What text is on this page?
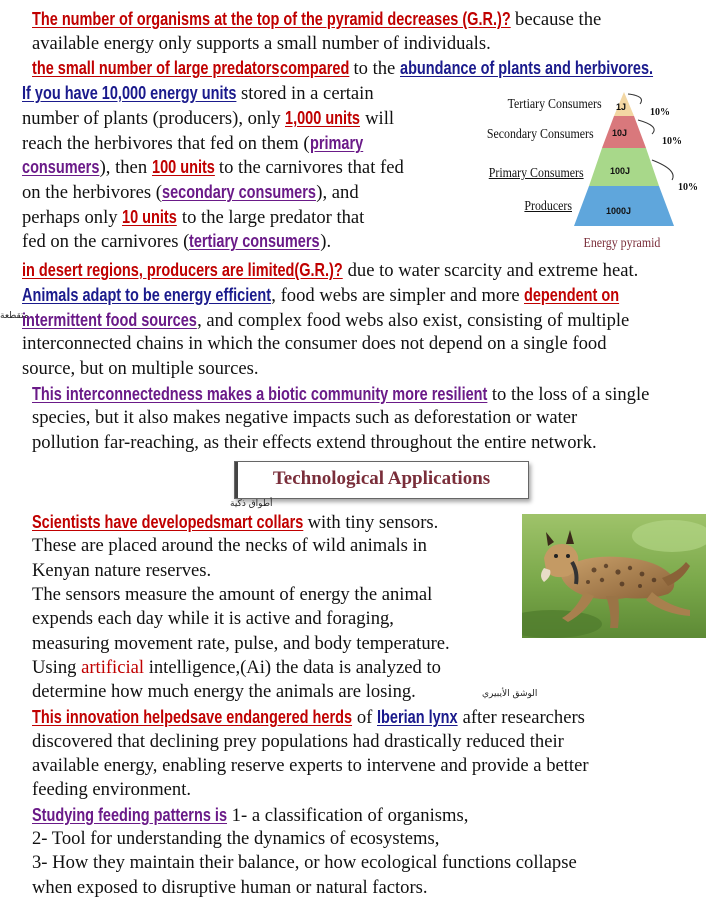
The number of organisms at the top of the pyramid decreases (G.R.)? because the
available energy only supports a small number of individuals.
the small number of large predatorscompared to the abundance of plants and herbivores.
If you have 10,000 energy units stored in a certain
number of plants (producers), only 1,000 units will
reach the herbivores that fed on them (primary
consumers), then 100 units to the carnivores that fed
on the herbivores (secondary consumers), and
perhaps only 10 units to the large predator that
fed on the carnivores (tertiary consumers).
Tertiary Consumers
Secondary Consumers
Primary Consumers
Producers
1J
10J
100J
1000J
10%
10%
10%
Energy pyramid
in desert regions, producers are limited(G.R.)? due to water scarcity and extreme heat.
Animals adapt to be energy efficient, food webs are simpler and more dependent on
متقطعة
intermittent food sources, and complex food webs also exist, consisting of multiple
interconnected chains in which the consumer does not depend on a single food
source, but on multiple sources.
This interconnectedness makes a biotic community more resilient to the loss of a single
species, but it also makes negative impacts such as deforestation or water
pollution far-reaching, as their effects extend throughout the entire network.
Technological Applications
أطواق ذكية
Scientists have developedsmart collars with tiny sensors.
These are placed around the necks of wild animals in
Kenyan nature reserves.
The sensors measure the amount of energy the animal
expends each day while it is active and foraging,
measuring movement rate, pulse, and body temperature.
Using artificial intelligence,(Ai) the data is analyzed to
determine how much energy the animals are losing.	الوشق الأيبيري
This innovation helpedsave endangered herds of Iberian lynx after researchers
discovered that declining prey populations had drastically reduced their
available energy, enabling reserve experts to intervene and provide a better
feeding environment.
Studying feeding patterns is 1- a classification of organisms,
2- Tool for understanding the dynamics of ecosystems,
3- How they maintain their balance, or how ecological functions collapse
when exposed to disruptive human or natural factors.
